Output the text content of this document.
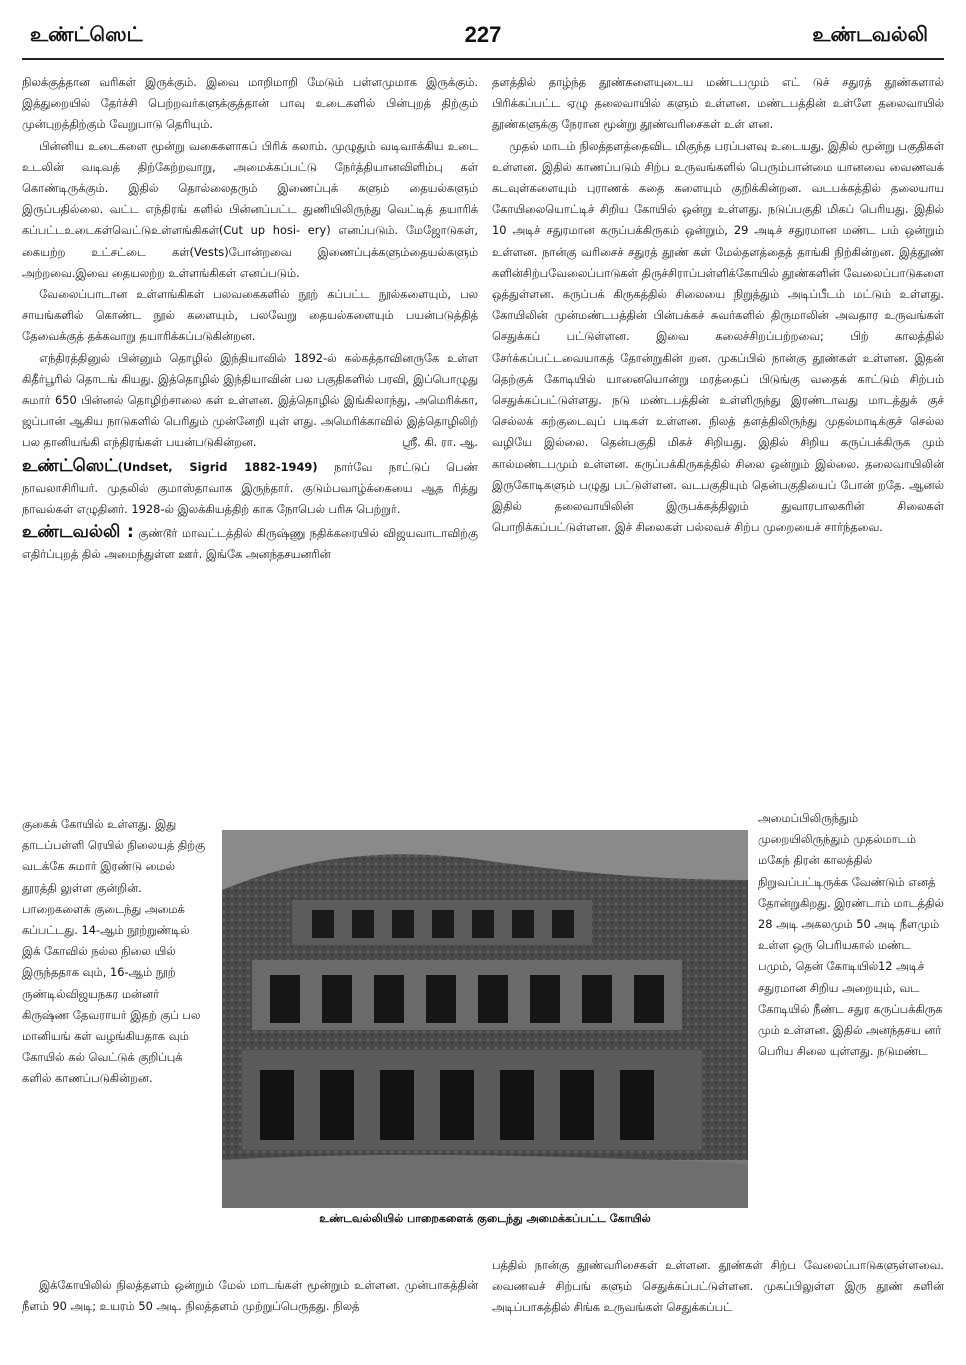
உண்ட்ஸெட்	227	உண்டவல்லி

நிலக்குத்தான வரிகள் இருக்கும். இவை மாறிமாறி மேடும் பள்ளமுமாக இருக்கும். இத்துறையில் தேர்ச்சி பெற்றவர்களுக்குத்தான் பாவு உடைகளில் பின்புறத் திற்கும் முன்புறத்திற்கும் வேறுபாடு தெரியும்.

பின்னிய உடைகளை மூன்று வகைகளாகப் பிரிக் கலாம். முழுதும் வடிவாக்கிய உடை உடலின் வடிவத் திற்கேற்றவாறு, அமைக்கப்பட்டு நேர்த்தியானவிளிம்பு கள் கொண்டிருக்கும். இதில் தொல்லைதரும் இணைப்புக் களும் தையல்களும் இருப்பதில்லை. வட்ட எந்திரங் களில் பின்னப்பட்ட துணியிலிருந்து வெட்டித் தயாரிக் கப்பட்டஉடைகள்வெட்டுஉள்ளங்கிகள்(Cut up hosi- ery) எனப்படும். மேஜோடுகள், கையற்ற உட்சட்டை கள்(Vests)போன்றவை இணைப்புக்களும்தையல்களும் அற்றவை.இவை தையலற்ற உள்ளங்கிகள் எனப்படும்.

வேலைப்பாடான உள்ளங்கிகள் பலவகைகளில் நூற் கப்பட்ட நூல்களையும், பல சாயங்களில் கொண்ட நூல் களையும், பலவேறு தையல்களையும் பயன்படுத்தித் தேவைக்குத் தக்கவாறு தயாரிக்கப்படுகின்றன.

எந்திரத்தினுல் பின்னும் தொழில் இந்தியாவில் 1892-ல் கல்கத்தாவினருகே உள்ள கிதீர்பூரில் தொடங் கியது. இத்தொழில் இந்தியாவின் பல பகுதிகளில் பரவி, இப்பொழுது சுமார் 650 பின்னல் தொழிற்சாலை கள் உள்ளன. இத்தொழில் இங்கிலாந்து, அமெரிக்கா, ஜப்பான் ஆகிய நாடுகளில் பெரிதும் முன்னேறி யுள் ளது. அமெரிக்காவில் இத்தொழிலிற் பல தானியங்கி எந்திரங்கள் பயன்படுகின்றன.	ஸ்ரீ. கி. ரா. ஆ.

உண்ட்ஸெட்(Undset, Sigrid 1882-1949) நார்வே நாட்டுப் பெண் நாவலாசிரியர். முதலில் குமாஸ்தாவாக இருந்தார். குடும்பவாழ்க்கையை ஆத ரித்து நாவல்கள் எழுதினர். 1928-ல் இலக்கியத்திற் காக நோபெல் பரிசு பெற்றுர்.

உண்டவல்லி : குண்டூர் மாவட்டத்தில் கிருஷ்ணு நதிக்கரையில் விஜயவாடாவிற்கு எதிர்ப்புறத் தில் அமைந்துள்ள ஊர். இங்கே அனந்தசயனரின்

குகைக் கோயில் உள்ளது. இது தாடப்பள்ளி ரெயில் நிலையத் திற்கு வடக்கே சுமார் இரண்டு மைல் தூரத்தி லுள்ள குன்றின். பாறைகளைக் குடைந்து அமைக் கப்பட்டது. 14-ஆம் நூற்றுண்டில் இக் கோவில் நல்ல நிலை யில் இருந்ததாக வும், 16-ஆம் நூற் ருண்டில்விஜயநகர மன்னர் கிருஷ்ண தேவராயர் இதற் குப் பல மானியங் கள் வழங்கியதாக வும் கோயில் கல் வெட்டுக் குறிப்புக் களில் காணப்படுகின்றன.

இக்கோயிலில் நிலத்தளம் ஒன்றும் மேல் மாடங்கள் மூன்றும் உள்ளன. முன்பாகத்தின் நீளம் 90 அடி; உயரம் 50 அடி. நிலத்தளம் முற்றுப்பெருதது. நிலத்

தளத்தில் தாழ்ந்த தூண்களையுடைய மண்டபமும் எட் டுச் சதுரத் தூண்களால் பிரிக்கப்பட்ட ஏழு தலைவாயில் களும் உள்ளன. மண்டபத்தின் உள்ளே தலைவாயில் தூண்களுக்கு நேரான மூன்று தூண்வரிசைகள் உள் ளன.

முதல் மாடம் நிலத்தளத்தைவிட மிகுந்த பரப்பளவு உடையது. இதில் மூன்று பகுதிகள் உள்ளன. இதில் காணப்படும் சிற்ப உருவங்களில் பெரும்பான்மை யானவை வைணவக் கடவுள்களையும் புராணக் கதை களையும் குறிக்கின்றன. வடபக்கத்தில் தலையாய கோயிலையொட்டிச் சிறிய கோயில் ஒன்று உள்ளது. நடுப்பகுதி மிகப் பெரியது. இதில் 10 அடிச் சதுரமான கருப்பக்கிருகம் ஒன்றும், 29 அடிச் சதுரமான மண்ட பம் ஒன்றும் உள்ளன. நான்கு வரிசைச் சதுரத் தூண் கள் மேல்தளத்தைத் தாங்கி நிற்கின்றன. இத்தூண் களின்சிற்பவேலைப்பாடுகள் திருச்சிராப்பள்ளிக்கோயில் தூண்களின் வேலைப்பாடுகளை ஒத்துள்ளன. கருப்பக் கிருகத்தில் சிலையை நிறுத்தும் அடிப்பீடம் மட்டும் உள்ளது. கோயிலின் முன்மண்டபத்தின் பின்பக்கச் சுவர்களில் திருமாலின் அவதார உருவங்கள் செதுக்கப் பட்டுள்ளன. இவை கலைச்சிறப்பற்றவை; பிற் காலத்தில் சேர்க்கப்பட்டவையாகத் தோன்றுகின் றன. முகப்பில் நான்கு தூண்கள் உள்ளன. இதன் தெற்குக் கோடியில் யானையொன்று மரத்தைப் பிடுங்கு வதைக் காட்டும் சிற்பம் செதுக்கப்பட்டுள்ளது. நடு மண்டபத்தின் உள்ளிருந்து இரண்டாவது மாடத்துக் குச் செல்லக் கற்குடைவுப் படிகள் உள்ளன. நிலத் தளத்திலிருந்து முதல்மாடிக்குச் செல்ல வழியே இல்லை. தென்பகுதி மிகச் சிறியது. இதில் சிறிய கருப்பக்கிருக மும் கால்மண்டபமும் உள்ளன. கருப்பக்கிருகத்தில் சிலை ஒன்றும் இல்லை. தலைவாயிலின் இருகோடிகளும் பழுது பட்டுள்ளன. வடபகுதியும் தென்பகுதியைப் போன் றதே. ஆனல் இதில் தலைவாயிலின் இருபக்கத்திலும் துவாரபாலகரின் சிலைகள் பொறிக்கப்பட்டுள்ளன. இச் சிலைகள் பல்லவச் சிற்ப முறையைச் சார்ந்தவை.

அமைப்பிலிருந்தும் முறையிலிருந்தும் முதல்மாடம் மகேந் திரன் காலத்தில் நிறுவப்பட்டிருக்க வேண்டும் எனத் தோன்றுகிறது. இரண்டாம் மாடத்தில் 28 அடி அகலமும் 50 அடி நீளமும் உள்ள ஒரு பெரியகால் மண்ட பமும், தென் கோடியில்12 அடிச் சதுரமான சிறிய அறையும், வட கோடியில் நீண்ட சதுர கருப்பக்கிருக மும் உள்ளன. இதில் அனந்தசய னர் பெரிய சிலை யுள்ளது. நடுமண்ட

பத்தில் நான்கு தூண்வரிசைகள் உள்ளன. தூண்கள் சிற்ப வேலைப்பாடுகளுள்ளவை. வைணவச் சிற்பங் களும் செதுக்கப்பட்டுள்ளன. முகப்பிலுள்ள இரு தூண் களின் அடிப்பாகத்தில் சிங்க உருவங்கள் செதுக்கப்பட்

உண்டவல்லியில் பாறைகளைக் குடைந்து அமைக்கப்பட்ட கோயில்
